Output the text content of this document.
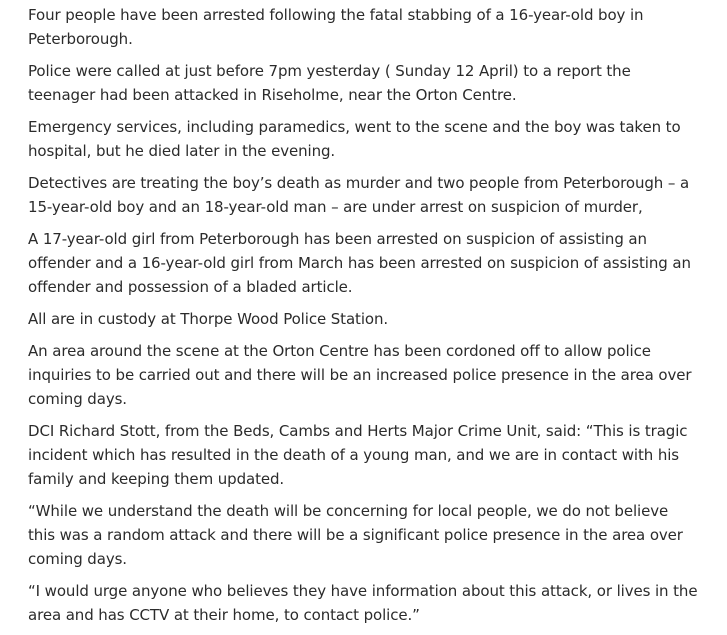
Four people have been arrested following the fatal stabbing of a 16-year-old boy in Peterborough.

Police were called at just before 7pm yesterday ( Sunday 12 April) to a report the teenager had been attacked in Riseholme, near the Orton Centre.

Emergency services, including paramedics, went to the scene and the boy was taken to hospital, but he died later in the evening.

Detectives are treating the boy’s death as murder and two people from Peterborough – a 15-year-old boy and an 18-year-old man – are under arrest on suspicion of murder,

A 17-year-old girl from Peterborough has been arrested on suspicion of assisting an offender and a 16-year-old girl from March has been arrested on suspicion of assisting an offender and possession of a bladed article.

All are in custody at Thorpe Wood Police Station.

An area around the scene at the Orton Centre has been cordoned off to allow police inquiries to be carried out and there will be an increased police presence in the area over coming days.

DCI Richard Stott, from the Beds, Cambs and Herts Major Crime Unit, said: “This is tragic incident which has resulted in the death of a young man, and we are in contact with his family and keeping them updated.

“While we understand the death will be concerning for local people, we do not believe this was a random attack and there will be a significant police presence in the area over coming days.

“I would urge anyone who believes they have information about this attack, or lives in the area and has CCTV at their home, to contact police.”
